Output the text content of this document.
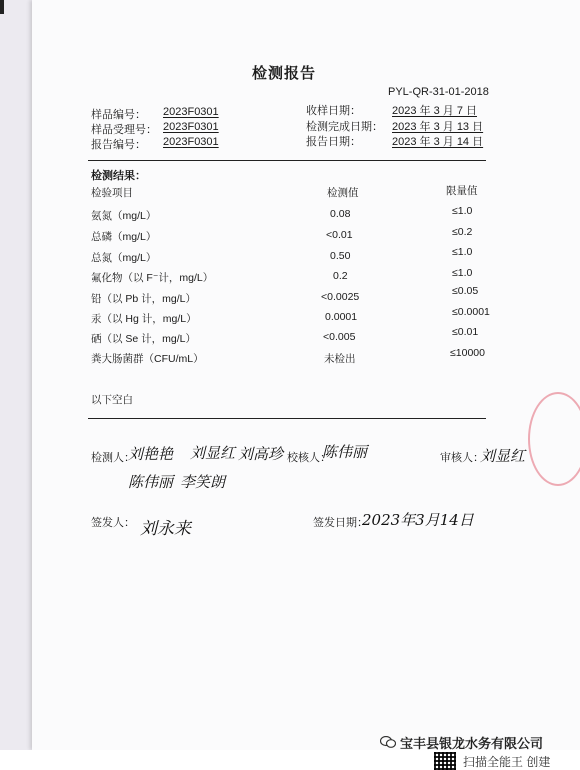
检测报告
PYL-QR-31-01-2018
样品编号： 2023F0301
样品受理号： 2023F0301
报告编号： 2023F0301
收样日期：	2023 年 3 月 7 日
检测完成日期： 2023 年 3 月 13 日
报告日期：	2023 年 3 月 14 日
检测结果：
检验项目	检测值	限量值
氨氮（mg/L）	0.08	≤1.0
总磷（mg/L）	<0.01	≤0.2
总氮（mg/L）	0.50	≤1.0
氟化物（以 F⁻计，mg/L）	0.2	≤1.0
铅（以 Pb 计，mg/L）	<0.0025	≤0.05
汞（以 Hg 计，mg/L）	0.0001	≤0.0001
硒（以 Se 计，mg/L）	<0.005	≤0.01
粪大肠菌群（CFU/mL）	未检出	≤10000
以下空白
检测人：
刘艳艳 刘显红 刘高珍 校核人：
陈伟丽	审核人：
刘显红
陈伟丽 李笑朗
签发人： 刘永来	签发日期：
2023年3月14日
宝丰县银龙水务有限公司
扫描全能王 创建
